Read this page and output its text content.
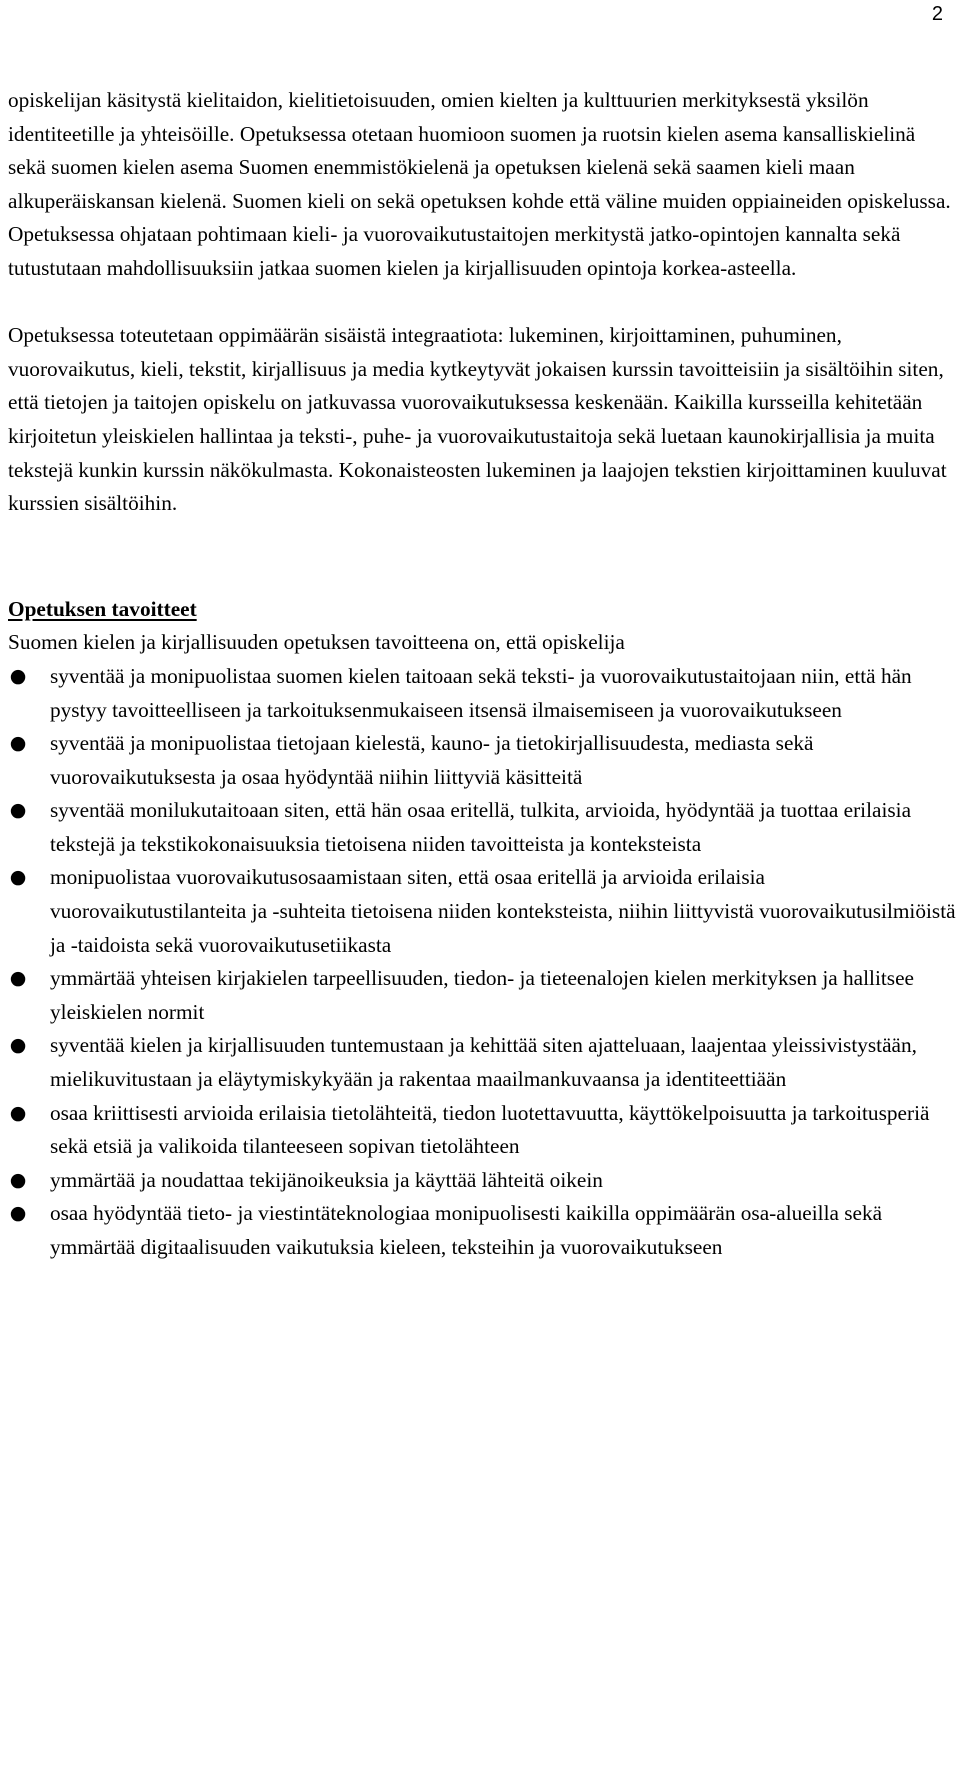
2

opiskelijan käsitystä kielitaidon, kielitietoisuuden, omien kielten ja kulttuurien merkityksestä yksilön identiteetille ja yhteisöille. Opetuksessa otetaan huomioon suomen ja ruotsin kielen asema kansalliskielinä sekä suomen kielen asema Suomen enemmistökielenä ja opetuksen kielenä sekä saamen kieli maan alkuperäiskansan kielenä. Suomen kieli on sekä opetuksen kohde että väline muiden oppiaineiden opiskelussa. Opetuksessa ohjataan pohtimaan kieli- ja vuorovaikutustaitojen merkitystä jatko-opintojen kannalta sekä tutustutaan mahdollisuuksiin jatkaa suomen kielen ja kirjallisuuden opintoja korkea-asteella.

Opetuksessa toteutetaan oppimäärän sisäistä integraatiota: lukeminen, kirjoittaminen, puhuminen, vuorovaikutus, kieli, tekstit, kirjallisuus ja media kytkeytyvät jokaisen kurssin tavoitteisiin ja sisältöihin siten, että tietojen ja taitojen opiskelu on jatkuvassa vuorovaikutuksessa keskenään. Kaikilla kursseilla kehitetään kirjoitetun yleiskielen hallintaa ja teksti-, puhe- ja vuorovaikutustaitoja sekä luetaan kaunokirjallisia ja muita tekstejä kunkin kurssin näkökulmasta. Kokonaisteosten lukeminen ja laajojen tekstien kirjoittaminen kuuluvat kurssien sisältöihin.

Opetuksen tavoitteet

Suomen kielen ja kirjallisuuden opetuksen tavoitteena on, että opiskelija

● syventää ja monipuolistaa suomen kielen taitoaan sekä teksti- ja vuorovaikutustaitojaan niin, että hän pystyy tavoitteelliseen ja tarkoituksenmukaiseen itsensä ilmaisemiseen ja vuorovaikutukseen
● syventää ja monipuolistaa tietojaan kielestä, kauno- ja tietokirjallisuudesta, mediasta sekä vuorovaikutuksesta ja osaa hyödyntää niihin liittyviä käsitteitä
● syventää monilukutaitoaan siten, että hän osaa eritellä, tulkita, arvioida, hyödyntää ja tuottaa erilaisia tekstejä ja tekstikokonaisuuksia tietoisena niiden tavoitteista ja konteksteista
● monipuolistaa vuorovaikutusosaamistaan siten, että osaa eritellä ja arvioida erilaisia vuorovaikutustilanteita ja -suhteita tietoisena niiden konteksteista, niihin liittyvistä vuorovaikutusilmiöistä ja -taidoista sekä vuorovaikutusetiikasta
● ymmärtää yhteisen kirjakielen tarpeellisuuden, tiedon- ja tieteenalojen kielen merkityksen ja hallitsee yleiskielen normit
● syventää kielen ja kirjallisuuden tuntemustaan ja kehittää siten ajatteluaan, laajentaa yleissivistystään, mielikuvitustaan ja eläytymiskykyään ja rakentaa maailmankuvaansa ja identiteettiään
● osaa kriittisesti arvioida erilaisia tietolähteitä, tiedon luotettavuutta, käyttökelpoisuutta ja tarkoitusperiä sekä etsiä ja valikoida tilanteeseen sopivan tietolähteen
● ymmärtää ja noudattaa tekijänoikeuksia ja käyttää lähteitä oikein
● osaa hyödyntää tieto- ja viestintäteknologiaa monipuolisesti kaikilla oppimäärän osa-alueilla sekä ymmärtää digitaalisuuden vaikutuksia kieleen, teksteihin ja vuorovaikutukseen
